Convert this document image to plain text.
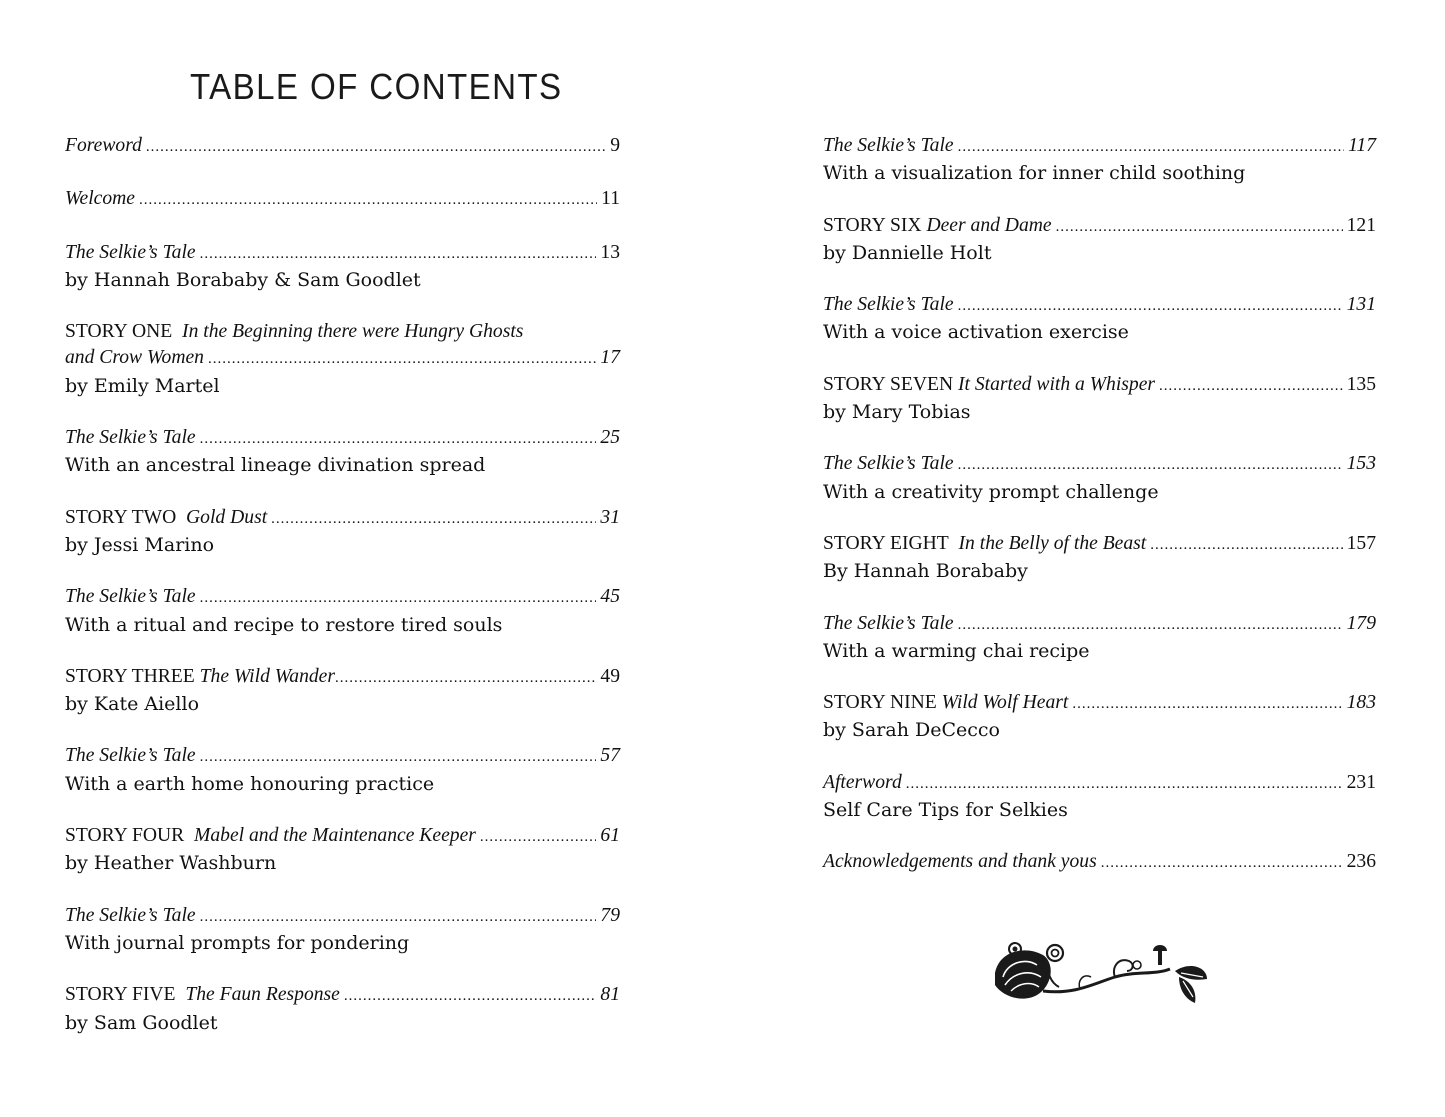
TABLE OF CONTENTS
Foreword .....	9
Welcome .....	11
The Selkie’s Tale .....	13
by Hannah Borababy & Sam Goodlet
STORY ONE
In the Beginning there were Hungry Ghosts
and Crow Women .....	17
by Emily Martel
The Selkie’s Tale .....	25
With an ancestral lineage divination spread
STORY TWO
Gold Dust .....	31
by Jessi Marino
The Selkie’s Tale .....	45
With a ritual and recipe to restore tired souls
STORY THREE
The Wild Wander .....	49
by Kate Aiello
The Selkie’s Tale .....	57
With a earth home honouring practice
STORY FOUR
Mabel and the Maintenance Keeper .....	61
by Heather Washburn
The Selkie’s Tale .....	79
With journal prompts for pondering
STORY FIVE
The Faun Response .....	81
by Sam Goodlet
The Selkie’s Tale .....	117
With a visualization for inner child soothing
STORY SIX
Deer and Dame .....	121
by Dannielle Holt
The Selkie’s Tale .....	131
With a voice activation exercise
STORY SEVEN
It Started with a Whisper .....	135
by Mary Tobias
The Selkie’s Tale .....	153
With a creativity prompt challenge
STORY EIGHT
In the Belly of the Beast .....	157
By Hannah Borababy
The Selkie’s Tale .....	179
With a warming chai recipe
STORY NINE
Wild Wolf Heart .....	183
by Sarah DeCecco
Afterword .....	231
Self Care Tips for Selkies
Acknowledgements and thank yous .....	236
